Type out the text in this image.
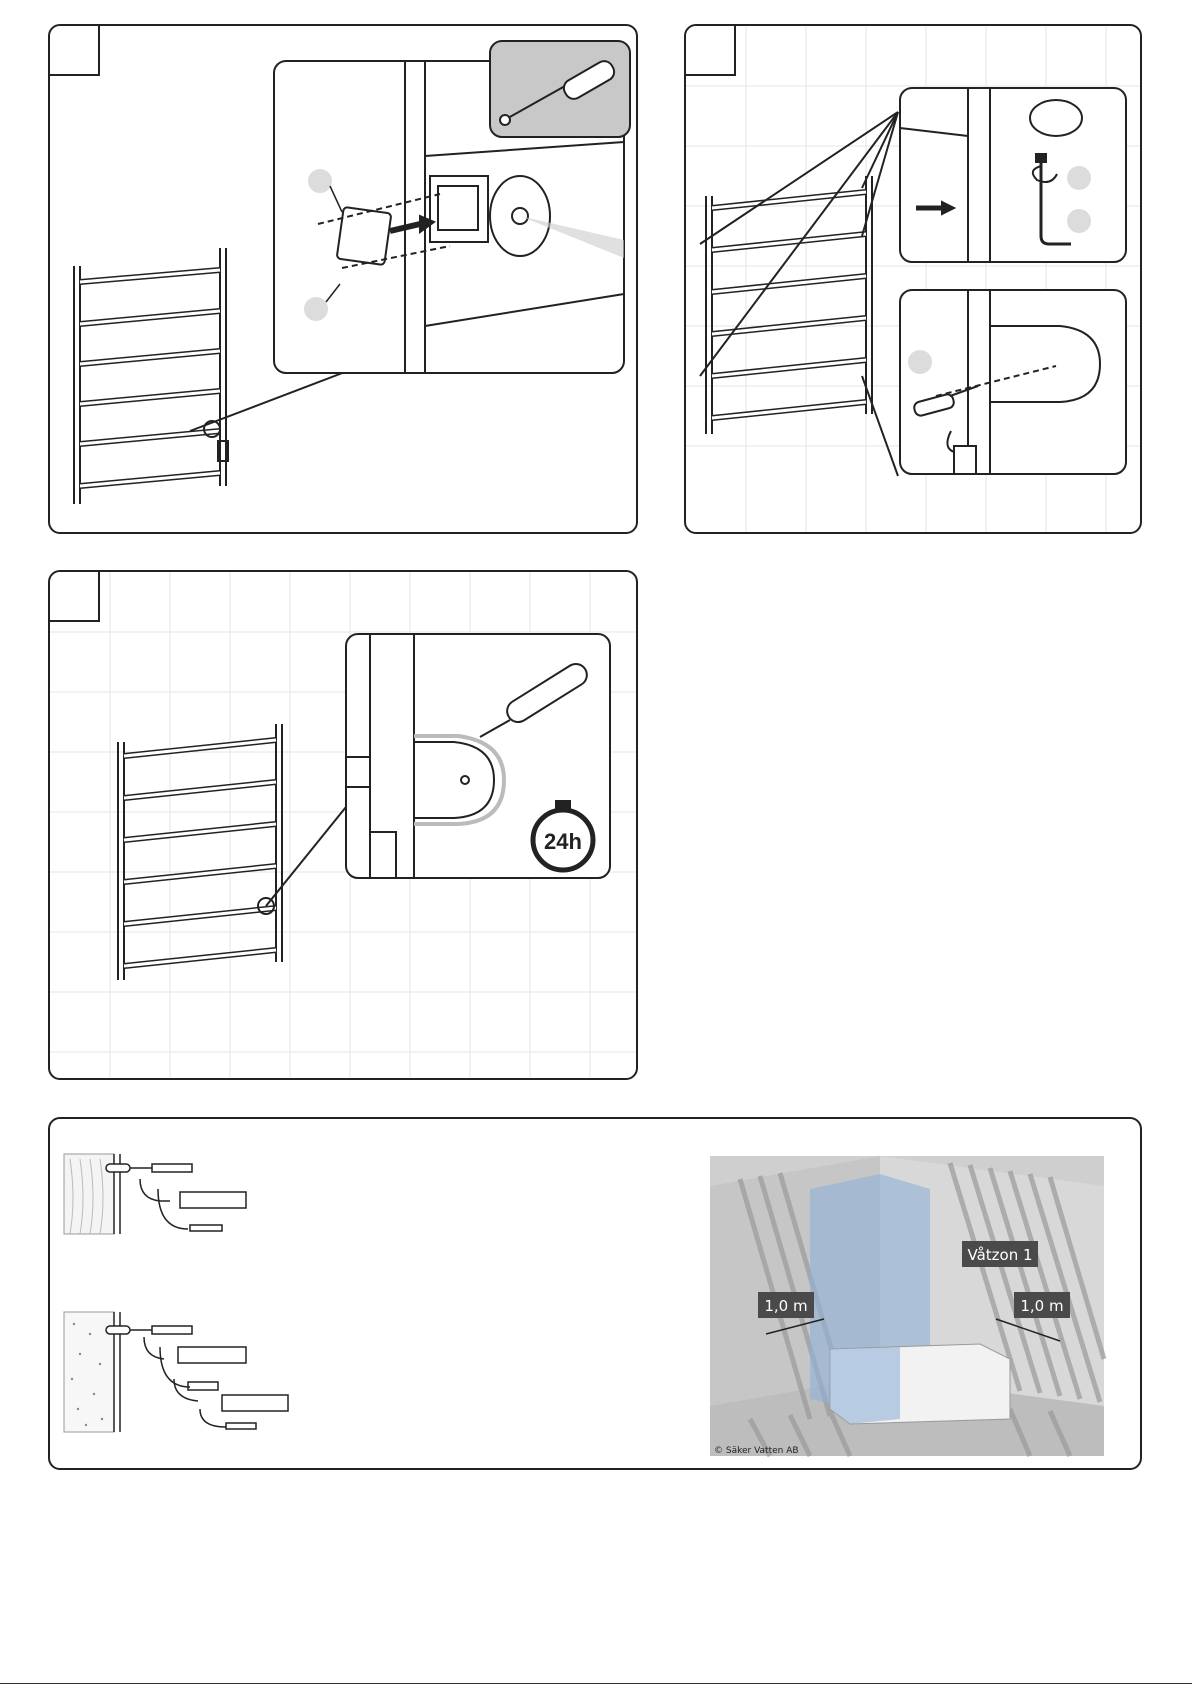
24h
Våtzon 1
1,0 m	1,0 m
© Säker Vatten AB
